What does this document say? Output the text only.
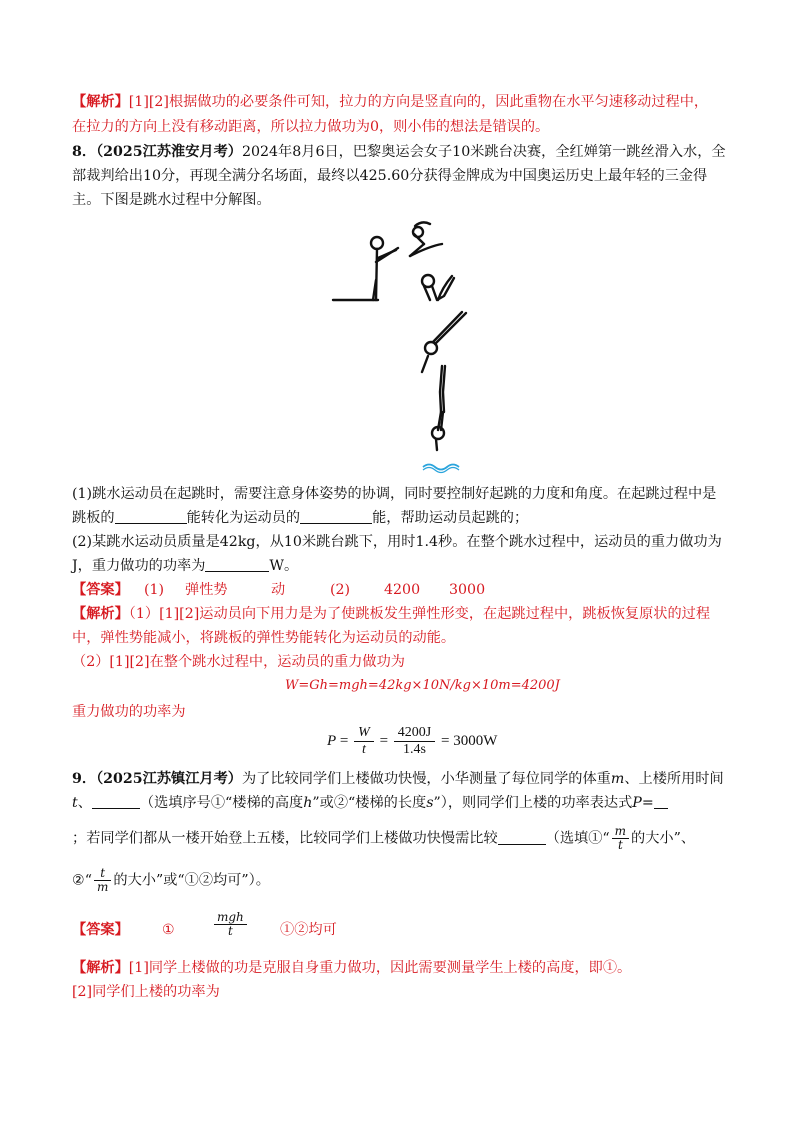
【解析】[1][2]根据做功的必要条件可知，拉力的方向是竖直向的，因此重物在水平匀速移动过程中，
在拉力的方向上没有移动距离，所以拉力做功为0，则小伟的想法是错误的。
8．（2025江苏淮安月考）2024年8月6日，巴黎奥运会女子10米跳台决赛，全红婵第一跳丝滑入水，全
部裁判给出10分，再现全满分名场面，最终以425.60分获得金牌成为中国奥运历史上最年轻的三金得
主。下图是跳水过程中分解图。
(1)跳水运动员在起跳时，需要注意身体姿势的协调，同时要控制好起跳的力度和角度。在起跳过程中是
跳板的	能转化为运动员的	能，帮助运动员起跳的；
(2)某跳水运动员质量是42kg，从10米跳台跳下，用时1.4秒。在整个跳水过程中，运动员的重力做功为
J，重力做功的功率为	W。
【答案】 (1) 弹性势	动	(2) 4200 3000
【解析】（1）[1][2]运动员向下用力是为了使跳板发生弹性形变，在起跳过程中，跳板恢复原状的过程
中，弹性势能减小，将跳板的弹性势能转化为运动员的动能。
（2）[1][2]在整个跳水过程中，运动员的重力做功为
W=Gh=mgh=42kg×10N/kg×10m=4200J
重力做功的功率为
$P = \frac{W}{t} = \frac{4200J}{1.4s} = 3000W$
9．（2025江苏镇江月考）为了比较同学们上楼做功快慢，小华测量了每位同学的体重m、上楼所用时间
t、	（选填序号①“楼梯的高度h”或②“楼梯的长度s”），则同学们上楼的功率表达式P=
；若同学们都从一楼开始登上五楼，比较同学们上楼做功快慢需比较	（选填①“ $\frac{m}{t}$ 的大小”、
②“ $\frac{t}{m}$ 的大小”或“①②均可”）。
【答案】 ①
mgh
t	①②均可
【解析】[1]同学上楼做的功是克服自身重力做功，因此需要测量学生上楼的高度，即①。
[2]同学们上楼的功率为
